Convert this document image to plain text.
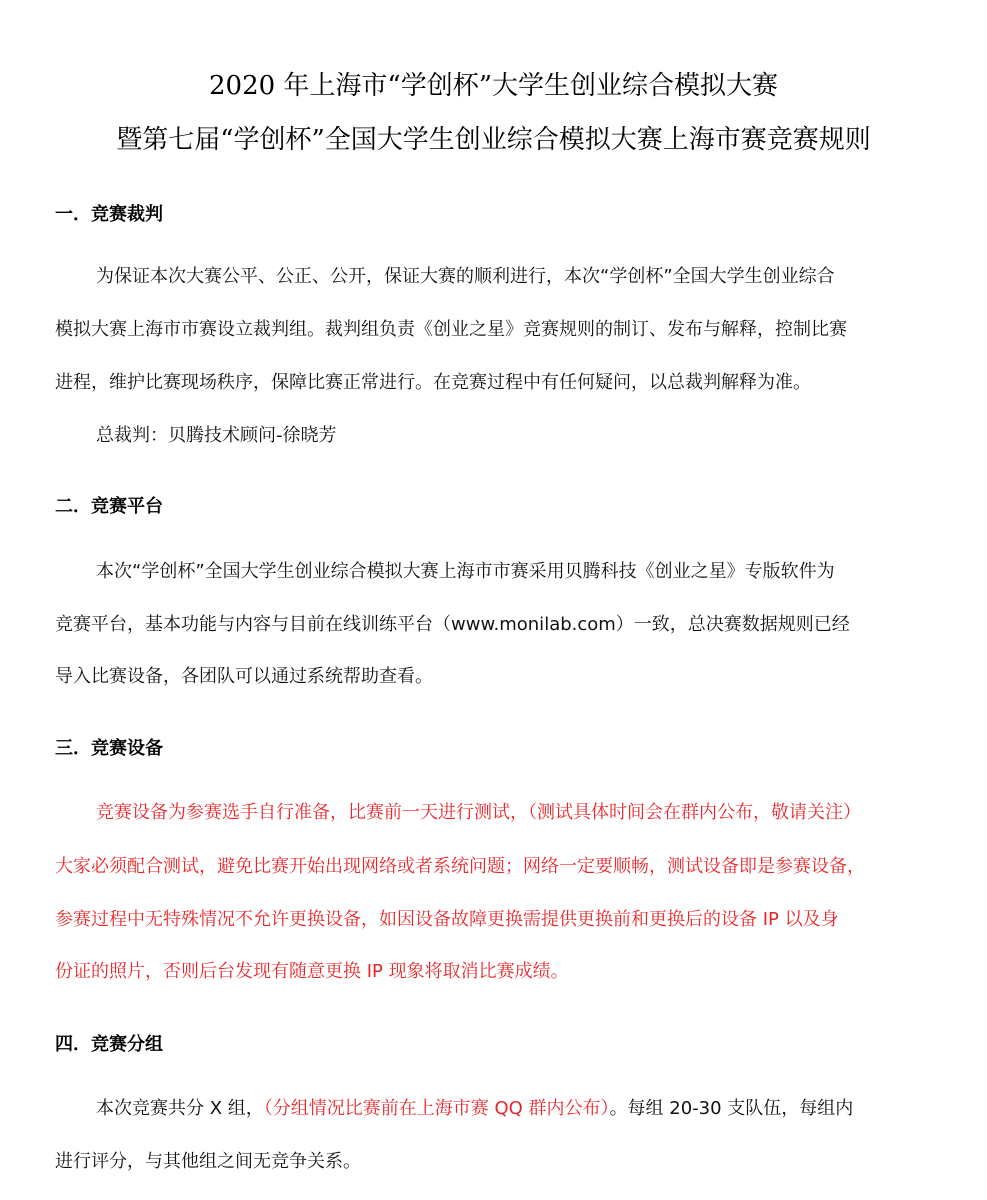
2020 年上海市“学创杯”大学生创业综合模拟大赛
暨第七届“学创杯”全国大学生创业综合模拟大赛上海市赛竞赛规则
一．竞赛裁判
为保证本次大赛公平、公正、公开，保证大赛的顺利进行，本次“学创杯”全国大学生创业综合
模拟大赛上海市市赛设立裁判组。裁判组负责《创业之星》竞赛规则的制订、发布与解释，控制比赛
进程，维护比赛现场秩序，保障比赛正常进行。在竞赛过程中有任何疑问，以总裁判解释为准。
总裁判：贝腾技术顾问-徐晓芳
二．竞赛平台
本次“学创杯”全国大学生创业综合模拟大赛上海市市赛采用贝腾科技《创业之星》专版软件为
竞赛平台，基本功能与内容与目前在线训练平台（www.monilab.com）一致，总决赛数据规则已经
导入比赛设备，各团队可以通过系统帮助查看。
三．竞赛设备
竞赛设备为参赛选手自行准备，比赛前一天进行测试，（测试具体时间会在群内公布，敬请关注）
大家必须配合测试，避免比赛开始出现网络或者系统问题；网络一定要顺畅，测试设备即是参赛设备，
参赛过程中无特殊情况不允许更换设备，如因设备故障更换需提供更换前和更换后的设备 IP 以及身
份证的照片，否则后台发现有随意更换 IP 现象将取消比赛成绩。
四．竞赛分组
本次竞赛共分 X 组，（分组情况比赛前在上海市赛 QQ 群内公布）。每组 20-30 支队伍，每组内
进行评分，与其他组之间无竞争关系。
